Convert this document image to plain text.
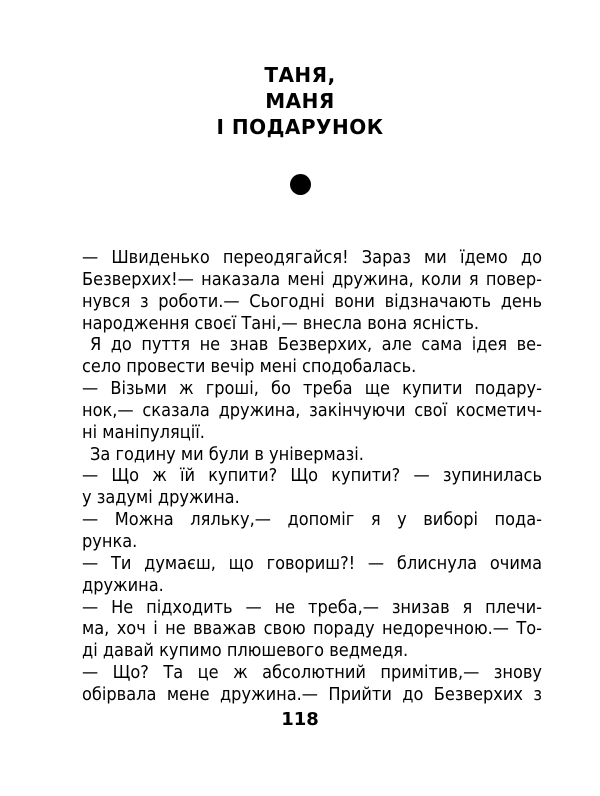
ТАНЯ,
МАНЯ
І ПОДАРУНОК
— Швиденько переодягайся! Зараз ми їдемо до
Безверхих!— наказала мені дружина, коли я повер-
нувся з роботи.— Сьогодні вони відзначають день
народження своєї Тані,— внесла вона ясність.
Я до пуття не знав Безверхих, але сама ідея ве-
село провести вечір мені сподобалась.
— Візьми ж гроші, бо треба ще купити подару-
нок,— сказала дружина, закінчуючи свої косметич-
ні маніпуляції.
За годину ми були в універмазі.
— Що ж їй купити? Що купити? — зупинилась
у задумі дружина.
— Можна ляльку,— допоміг я у виборі пода-
рунка.
— Ти думаєш, що говориш?! — блиснула очима
дружина.
— Не підходить — не треба,— знизав я плечи-
ма, хоч і не вважав свою пораду недоречною.— То-
ді давай купимо плюшевого ведмедя.
— Що? Та це ж абсолютний примітив,— знову
обірвала мене дружина.— Прийти до Безверхих з
118
